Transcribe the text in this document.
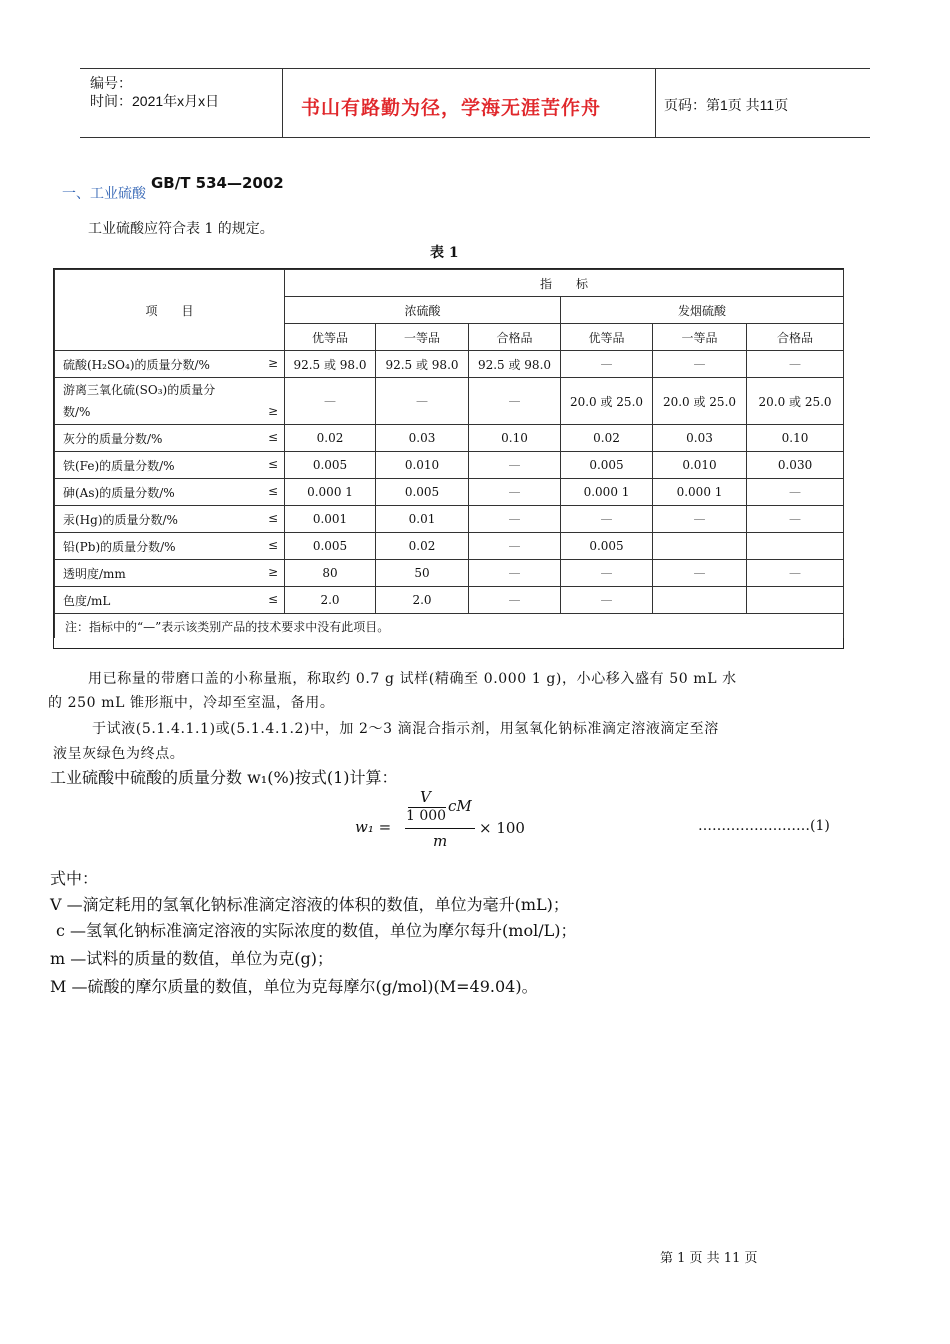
编号：
时间：2021年x月x日	书山有路勤为径，学海无涯苦作舟	页码：第1页 共11页
一、工业硫酸
GB/T 534—2002
工业硫酸应符合表 1 的规定。
表 1
项　　目	指　　标					
	浓硫酸			发烟硫酸		
	优等品	一等品	合格品	优等品	一等品	合格品
硫酸(H₂SO₄)的质量分数/% ≥	92.5 或 98.0	92.5 或 98.0	92.5 或 98.0	—	—	—

游离三氧化硫(SO₃)的质量分
数/% ≥	—	—	—	20.0 或 25.0	20.0 或 25.0	20.0 或 25.0
灰分的质量分数/% ≤	0.02	0.03	0.10	0.02	0.03	0.10
铁(Fe)的质量分数/% ≤	0.005	0.010	—	0.005	0.010	0.030
砷(As)的质量分数/% ≤	0.000 1	0.005	—	0.000 1	0.000 1	—
汞(Hg)的质量分数/% ≤	0.001	0.01	—	—	—	—
铅(Pb)的质量分数/% ≤	0.005	0.02	—	0.005		
透明度/mm ≥	80	50	—	—	—	—
色度/mL ≤	2.0	2.0	—	—		
注：指标中的“—”表示该类别产品的技术要求中没有此项目。						
用已称量的带磨口盖的小称量瓶，称取约 0.7 g 试样(精确至 0.000 1 g)，小心移入盛有 50 mL 水
的 250 mL 锥形瓶中，冷却至室温，备用。
于试液(5.1.4.1.1)或(5.1.4.1.2)中，加 2～3 滴混合指示剂，用氢氧化钠标准滴定溶液滴定至溶
液呈灰绿色为终点。
工业硫酸中硫酸的质量分数 w₁(%)按式(1)计算：
w₁ =
V
1 000
cM
m
× 100	……………………(1)
式中：
V —滴定耗用的氢氧化钠标准滴定溶液的体积的数值，单位为毫升(mL)；
c —氢氧化钠标准滴定溶液的实际浓度的数值，单位为摩尔每升(mol/L)；
m —试料的质量的数值，单位为克(g)；
M —硫酸的摩尔质量的数值，单位为克每摩尔(g/mol)(M=49.04)。
第 1 页 共 11 页
